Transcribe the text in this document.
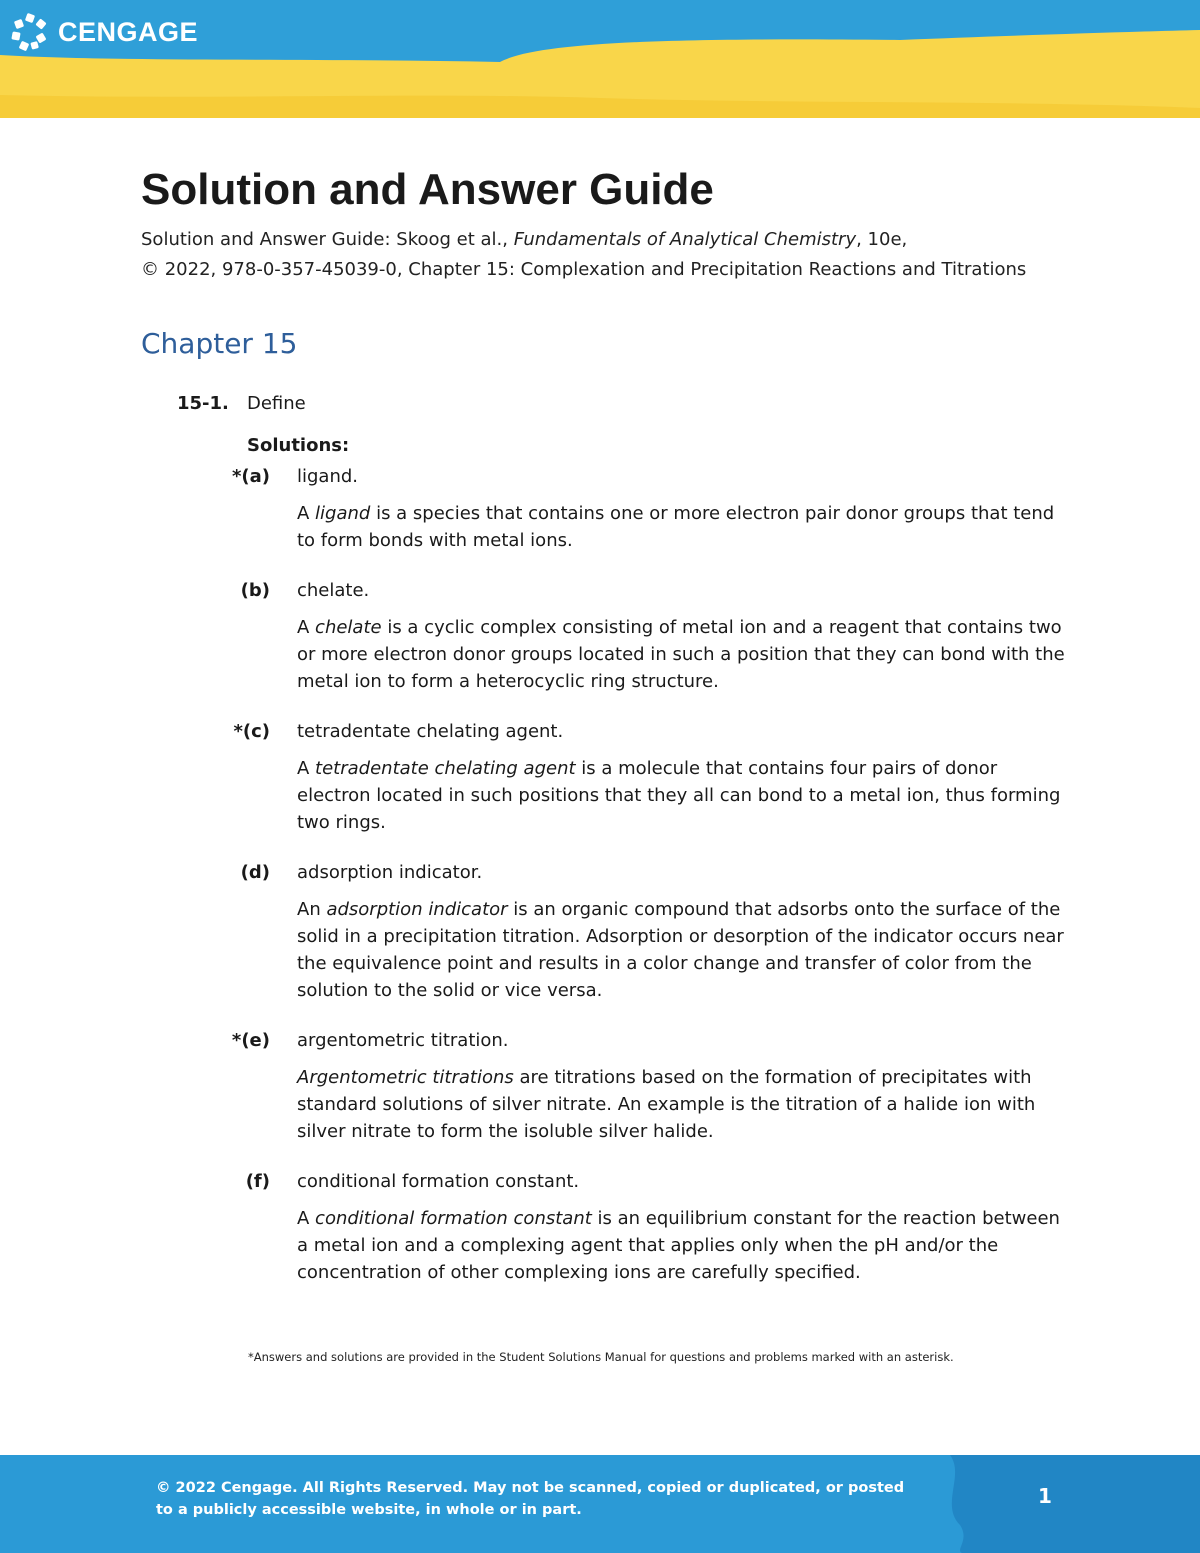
CENGAGE
Solution and Answer Guide
Solution and Answer Guide: Skoog et al., Fundamentals of Analytical Chemistry, 10e,
© 2022, 978-0-357-45039-0, Chapter 15: Complexation and Precipitation Reactions and Titrations
Chapter 15
15-1.	Define
Solutions:
*(a)	ligand.
A ligand is a species that contains one or more electron pair donor groups that tend to form bonds with metal ions.
(b)	chelate.
A chelate is a cyclic complex consisting of metal ion and a reagent that contains two or more electron donor groups located in such a position that they can bond with the metal ion to form a heterocyclic ring structure.
*(c)	tetradentate chelating agent.
A tetradentate chelating agent is a molecule that contains four pairs of donor electron located in such positions that they all can bond to a metal ion, thus forming two rings.
(d)	adsorption indicator.
An adsorption indicator is an organic compound that adsorbs onto the surface of the solid in a precipitation titration. Adsorption or desorption of the indicator occurs near the equivalence point and results in a color change and transfer of color from the solution to the solid or vice versa.
*(e)	argentometric titration.
Argentometric titrations are titrations based on the formation of precipitates with standard solutions of silver nitrate. An example is the titration of a halide ion with silver nitrate to form the isoluble silver halide.
(f)	conditional formation constant.
A conditional formation constant is an equilibrium constant for the reaction between a metal ion and a complexing agent that applies only when the pH and/or the concentration of other complexing ions are carefully specified.
*Answers and solutions are provided in the Student Solutions Manual for questions and problems marked with an asterisk.
© 2022 Cengage. All Rights Reserved. May not be scanned, copied or duplicated, or posted to a publicly accessible website, in whole or in part.
1
